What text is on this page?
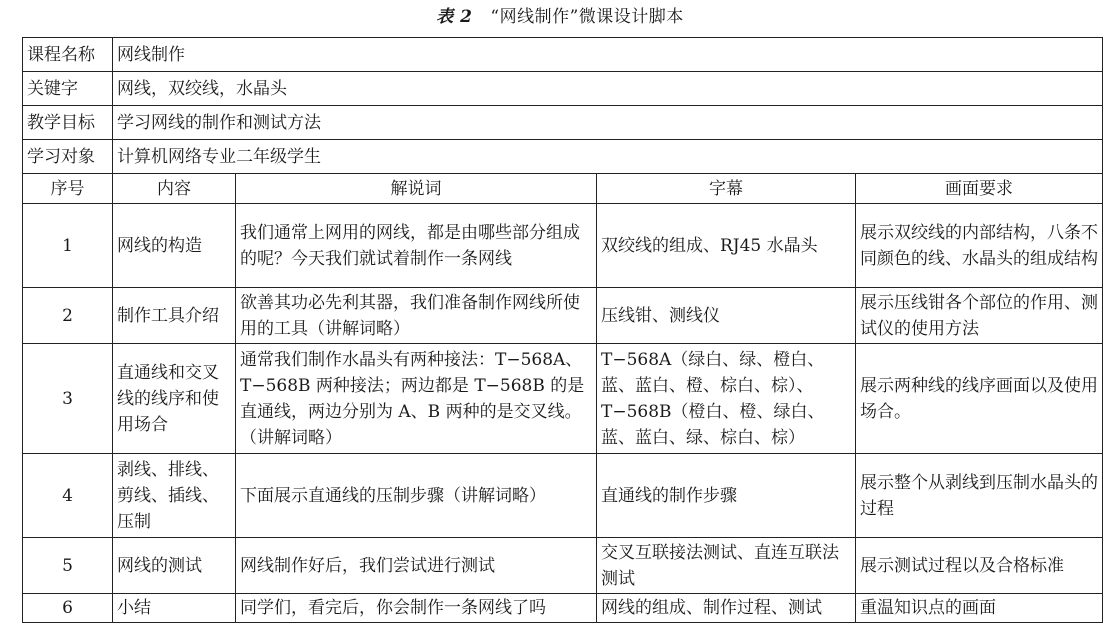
表 2 “网线制作”微课设计脚本
课程名称	网线制作			
关键字	网线，双绞线，水晶头			
教学目标	学习网线的制作和测试方法			
学习对象	计算机网络专业二年级学生			
序号	内容	解说词	字幕	画面要求
1	网线的构造	我们通常上网用的网线，都是由哪些部分组成的呢？今天我们就试着制作一条网线	双绞线的组成、RJ45 水晶头	展示双绞线的内部结构，八条不同颜色的线、水晶头的组成结构
2	制作工具介绍	欲善其功必先利其器，我们准备制作网线所使用的工具（讲解词略）	压线钳、测线仪	展示压线钳各个部位的作用、测试仪的使用方法
3	直通线和交叉线的线序和使用场合	通常我们制作水晶头有两种接法：T−568A、T−568B 两种接法；两边都是 T−568B 的是直通线，两边分别为 A、B 两种的是交叉线。（讲解词略）	T−568A（绿白、绿、橙白、蓝、蓝白、橙、棕白、棕）、T−568B（橙白、橙、绿白、蓝、蓝白、绿、棕白、棕）	展示两种线的线序画面以及使用场合。
4	剥线、排线、剪线、插线、压制	下面展示直通线的压制步骤（讲解词略）	直通线的制作步骤	展示整个从剥线到压制水晶头的过程
5	网线的测试	网线制作好后，我们尝试进行测试	交叉互联接法测试、直连互联法测试	展示测试过程以及合格标准
6	小结	同学们，看完后，你会制作一条网线了吗	网线的组成、制作过程、测试	重温知识点的画面
